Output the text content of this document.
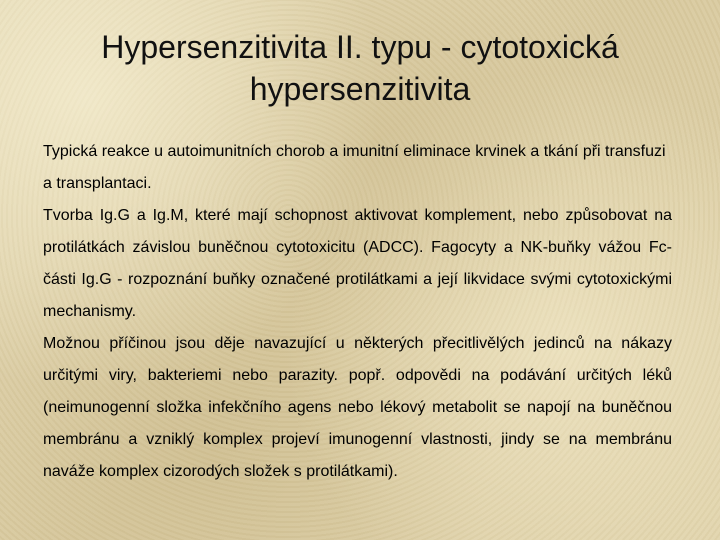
Hypersenzitivita II. typu - cytotoxická hypersenzitivita

Typická reakce u autoimunitních chorob a imunitní eliminace krvinek a tkání při transfuzi a transplantaci.

Tvorba Ig.G a Ig.M, které mají schopnost aktivovat komplement, nebo způsobovat na protilátkách závislou buněčnou cytotoxicitu (ADCC). Fagocyty a NK-buňky vážou Fc-části Ig.G - rozpoznání buňky označené protilátkami a její likvidace svými cytotoxickými mechanismy.

Možnou příčinou jsou děje navazující u některých přecitlivělých jedinců na nákazy určitými viry, bakteriemi nebo parazity. popř. odpovědi na podávání určitých léků (neimunogenní složka infekčního agens nebo lékový metabolit se napojí na buněčnou membránu a vzniklý komplex projeví imunogenní vlastnosti, jindy se na membránu naváže komplex cizorodých složek s protilátkami).
